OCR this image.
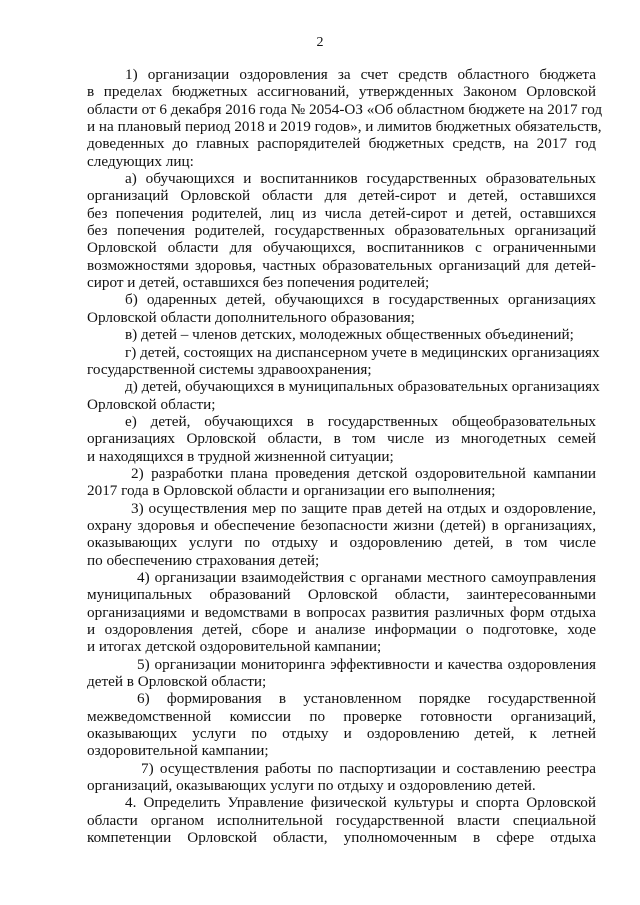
2
1) организации оздоровления за счет средств областного бюджета
в пределах бюджетных ассигнований, утвержденных Законом Орловской
области от 6 декабря 2016 года № 2054-ОЗ «Об областном бюджете на 2017 год
и на плановый период 2018 и 2019 годов», и лимитов бюджетных обязательств,
доведенных до главных распорядителей бюджетных средств, на 2017 год
следующих лиц:
а) обучающихся и воспитанников государственных образовательных
организаций Орловской области для детей-сирот и детей, оставшихся
без попечения родителей, лиц из числа детей-сирот и детей, оставшихся
без попечения родителей, государственных образовательных организаций
Орловской области для обучающихся, воспитанников с ограниченными
возможностями здоровья, частных образовательных организаций для детей-
сирот и детей, оставшихся без попечения родителей;
б) одаренных детей, обучающихся в государственных организациях
Орловской области дополнительного образования;
в) детей – членов детских, молодежных общественных объединений;
г) детей, состоящих на диспансерном учете в медицинских организациях
государственной системы здравоохранения;
д) детей, обучающихся в муниципальных образовательных организациях
Орловской области;
е) детей, обучающихся в государственных общеобразовательных
организациях Орловской области, в том числе из многодетных семей
и находящихся в трудной жизненной ситуации;
2) разработки плана проведения детской оздоровительной кампании
2017 года в Орловской области и организации его выполнения;
3) осуществления мер по защите прав детей на отдых и оздоровление,
охрану здоровья и обеспечение безопасности жизни (детей) в организациях,
оказывающих услуги по отдыху и оздоровлению детей, в том числе
по обеспечению страхования детей;
4) организации взаимодействия с органами местного самоуправления
муниципальных образований Орловской области, заинтересованными
организациями и ведомствами в вопросах развития различных форм отдыха
и оздоровления детей, сборе и анализе информации о подготовке, ходе
и итогах детской оздоровительной кампании;
5) организации мониторинга эффективности и качества оздоровления
детей в Орловской области;
6) формирования в установленном порядке государственной
межведомственной комиссии по проверке готовности организаций,
оказывающих услуги по отдыху и оздоровлению детей, к летней
оздоровительной кампании;
7) осуществления работы по паспортизации и составлению реестра
организаций, оказывающих услуги по отдыху и оздоровлению детей.
4. Определить Управление физической культуры и спорта Орловской
области органом исполнительной государственной власти специальной
компетенции Орловской области, уполномоченным в сфере отдыха
